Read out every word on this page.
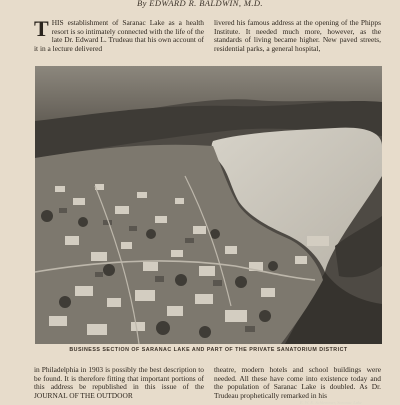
By EDWARD R. BALDWIN, M.D.

THIS establishment of Saranac Lake as a health resort is so intimately connected with the life of the late Dr. Edward L. Trudeau that his own account of it in a lecture delivered

livered his famous address at the opening of the Phipps Institute. It needed much more, however, as the standards of living became higher. New paved streets, residential parks, a general hospital,

E. W. E. Schlemmer, Saranac Lake
BUSINESS SECTION OF SARANAC LAKE AND PART OF THE PRIVATE SANATORIUM DISTRICT

in Philadelphia in 1903 is possibly the best description to be found. It is therefore fitting that important portions of this address be republished in this issue of the JOURNAL OF THE OUTDOOR

theatre, modern hotels and school buildings were needed. All these have come into existence today and the population of Saranac Lake is doubled. As Dr. Trudeau prophetically remarked in his
